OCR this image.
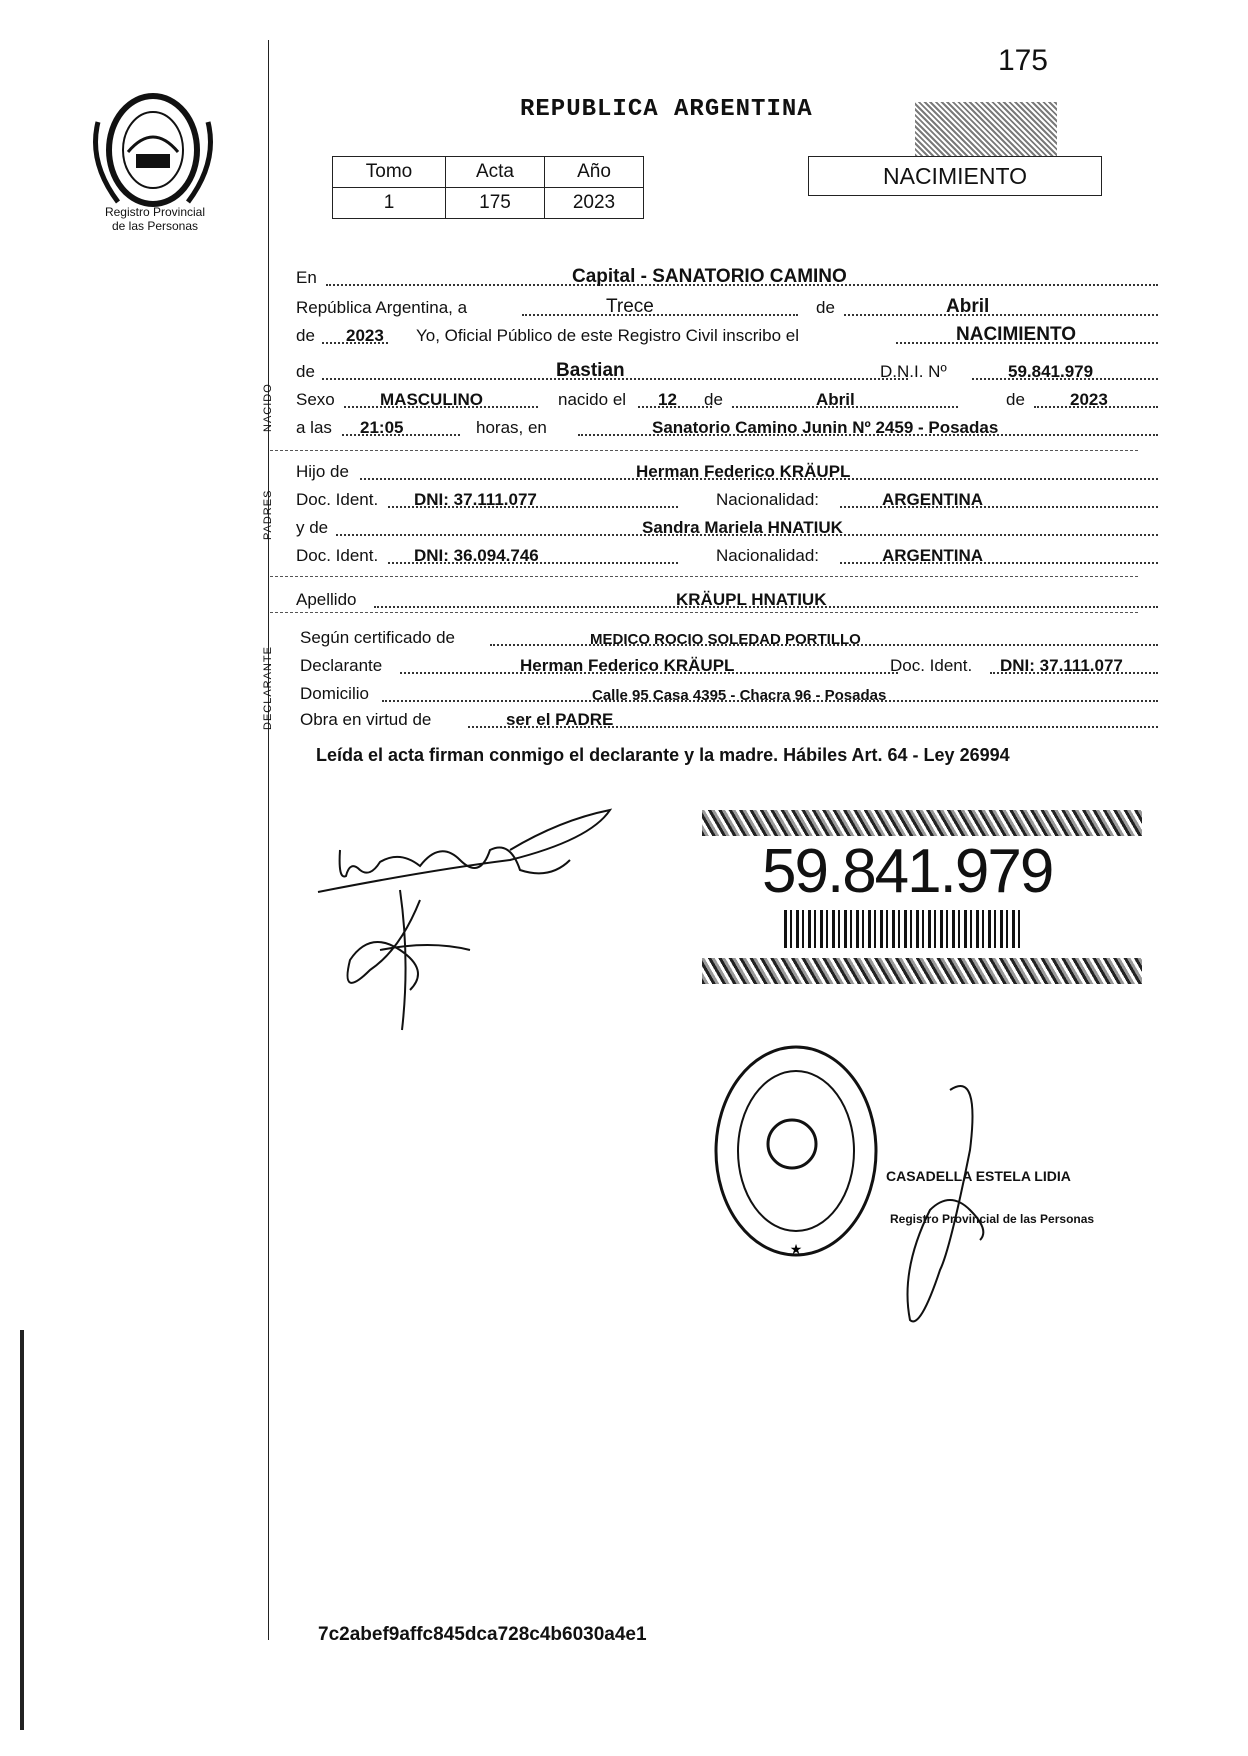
175
Registro Provincial
de las Personas
REPUBLICA ARGENTINA
Tomo	Acta	Año
1	175	2023
NACIMIENTO
En	Capital - SANATORIO CAMINO
República Argentina, a	Trece	de	Abril
de 2023 Yo, Oficial Público de este Registro Civil inscribo el	NACIMIENTO
NACIDO
de	Bastian	D.N.I. Nº	59.841.979
Sexo	MASCULINO	nacido el 12 de	Abril	de	2023
a las 21:05	horas, en	Sanatorio Camino Junin Nº 2459 - Posadas
PADRES
Hijo de	Herman Federico KRÄUPL
Doc. Ident. DNI: 37.111.077	Nacionalidad:	ARGENTINA
y de	Sandra Mariela HNATIUK
Doc. Ident. DNI: 36.094.746	Nacionalidad:	ARGENTINA
Apellido	KRÄUPL HNATIUK
DECLARANTE
Según certificado de	MEDICO ROCIO SOLEDAD PORTILLO
Declarante	Herman Federico KRÄUPL	Doc. Ident. DNI: 37.111.077
Domicilio	Calle 95 Casa 4395 - Chacra 96 - Posadas
Obra en virtud de	ser el PADRE
Leída el acta firman conmigo el declarante y la madre. Hábiles Art. 64 - Ley 26994
59.841.979
★
CASADELLA ESTELA LIDIA
Registro Provincial de las Personas
7c2abef9affc845dca728c4b6030a4e1
